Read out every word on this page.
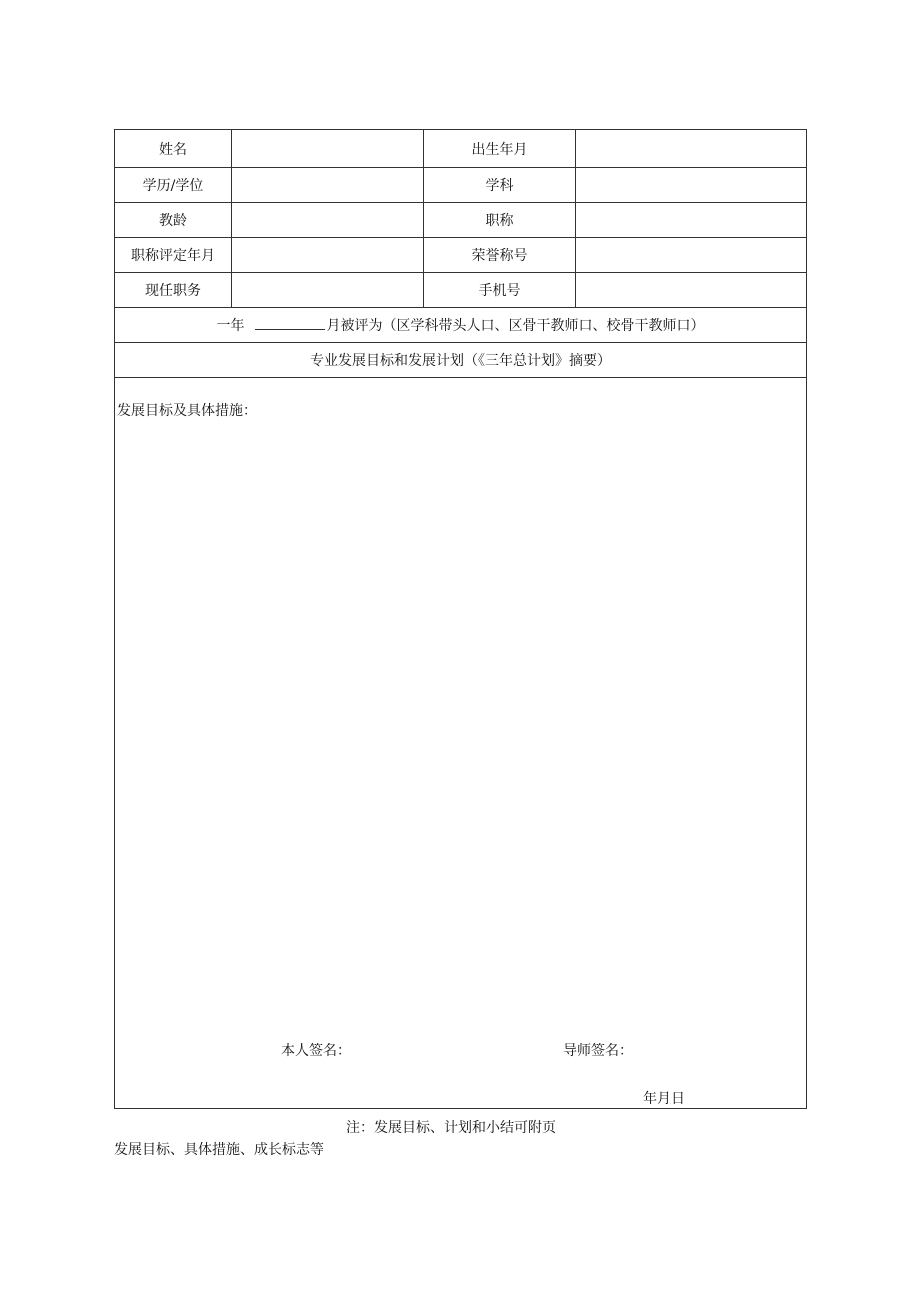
姓名		出生年月	
学历/学位		学科	
教龄		职称	
职称评定年月		荣誉称号	
现任职务		手机号	
一年 月被评为（区学科带头人口、区骨干教师口、校骨干教师口）			
专业发展目标和发展计划（《三年总计划》摘要）			

发展目标及具体措施：
本人签名： 导师签名：
年月日			
注：发展目标、计划和小结可附页
发展目标、具体措施、成长标志等
